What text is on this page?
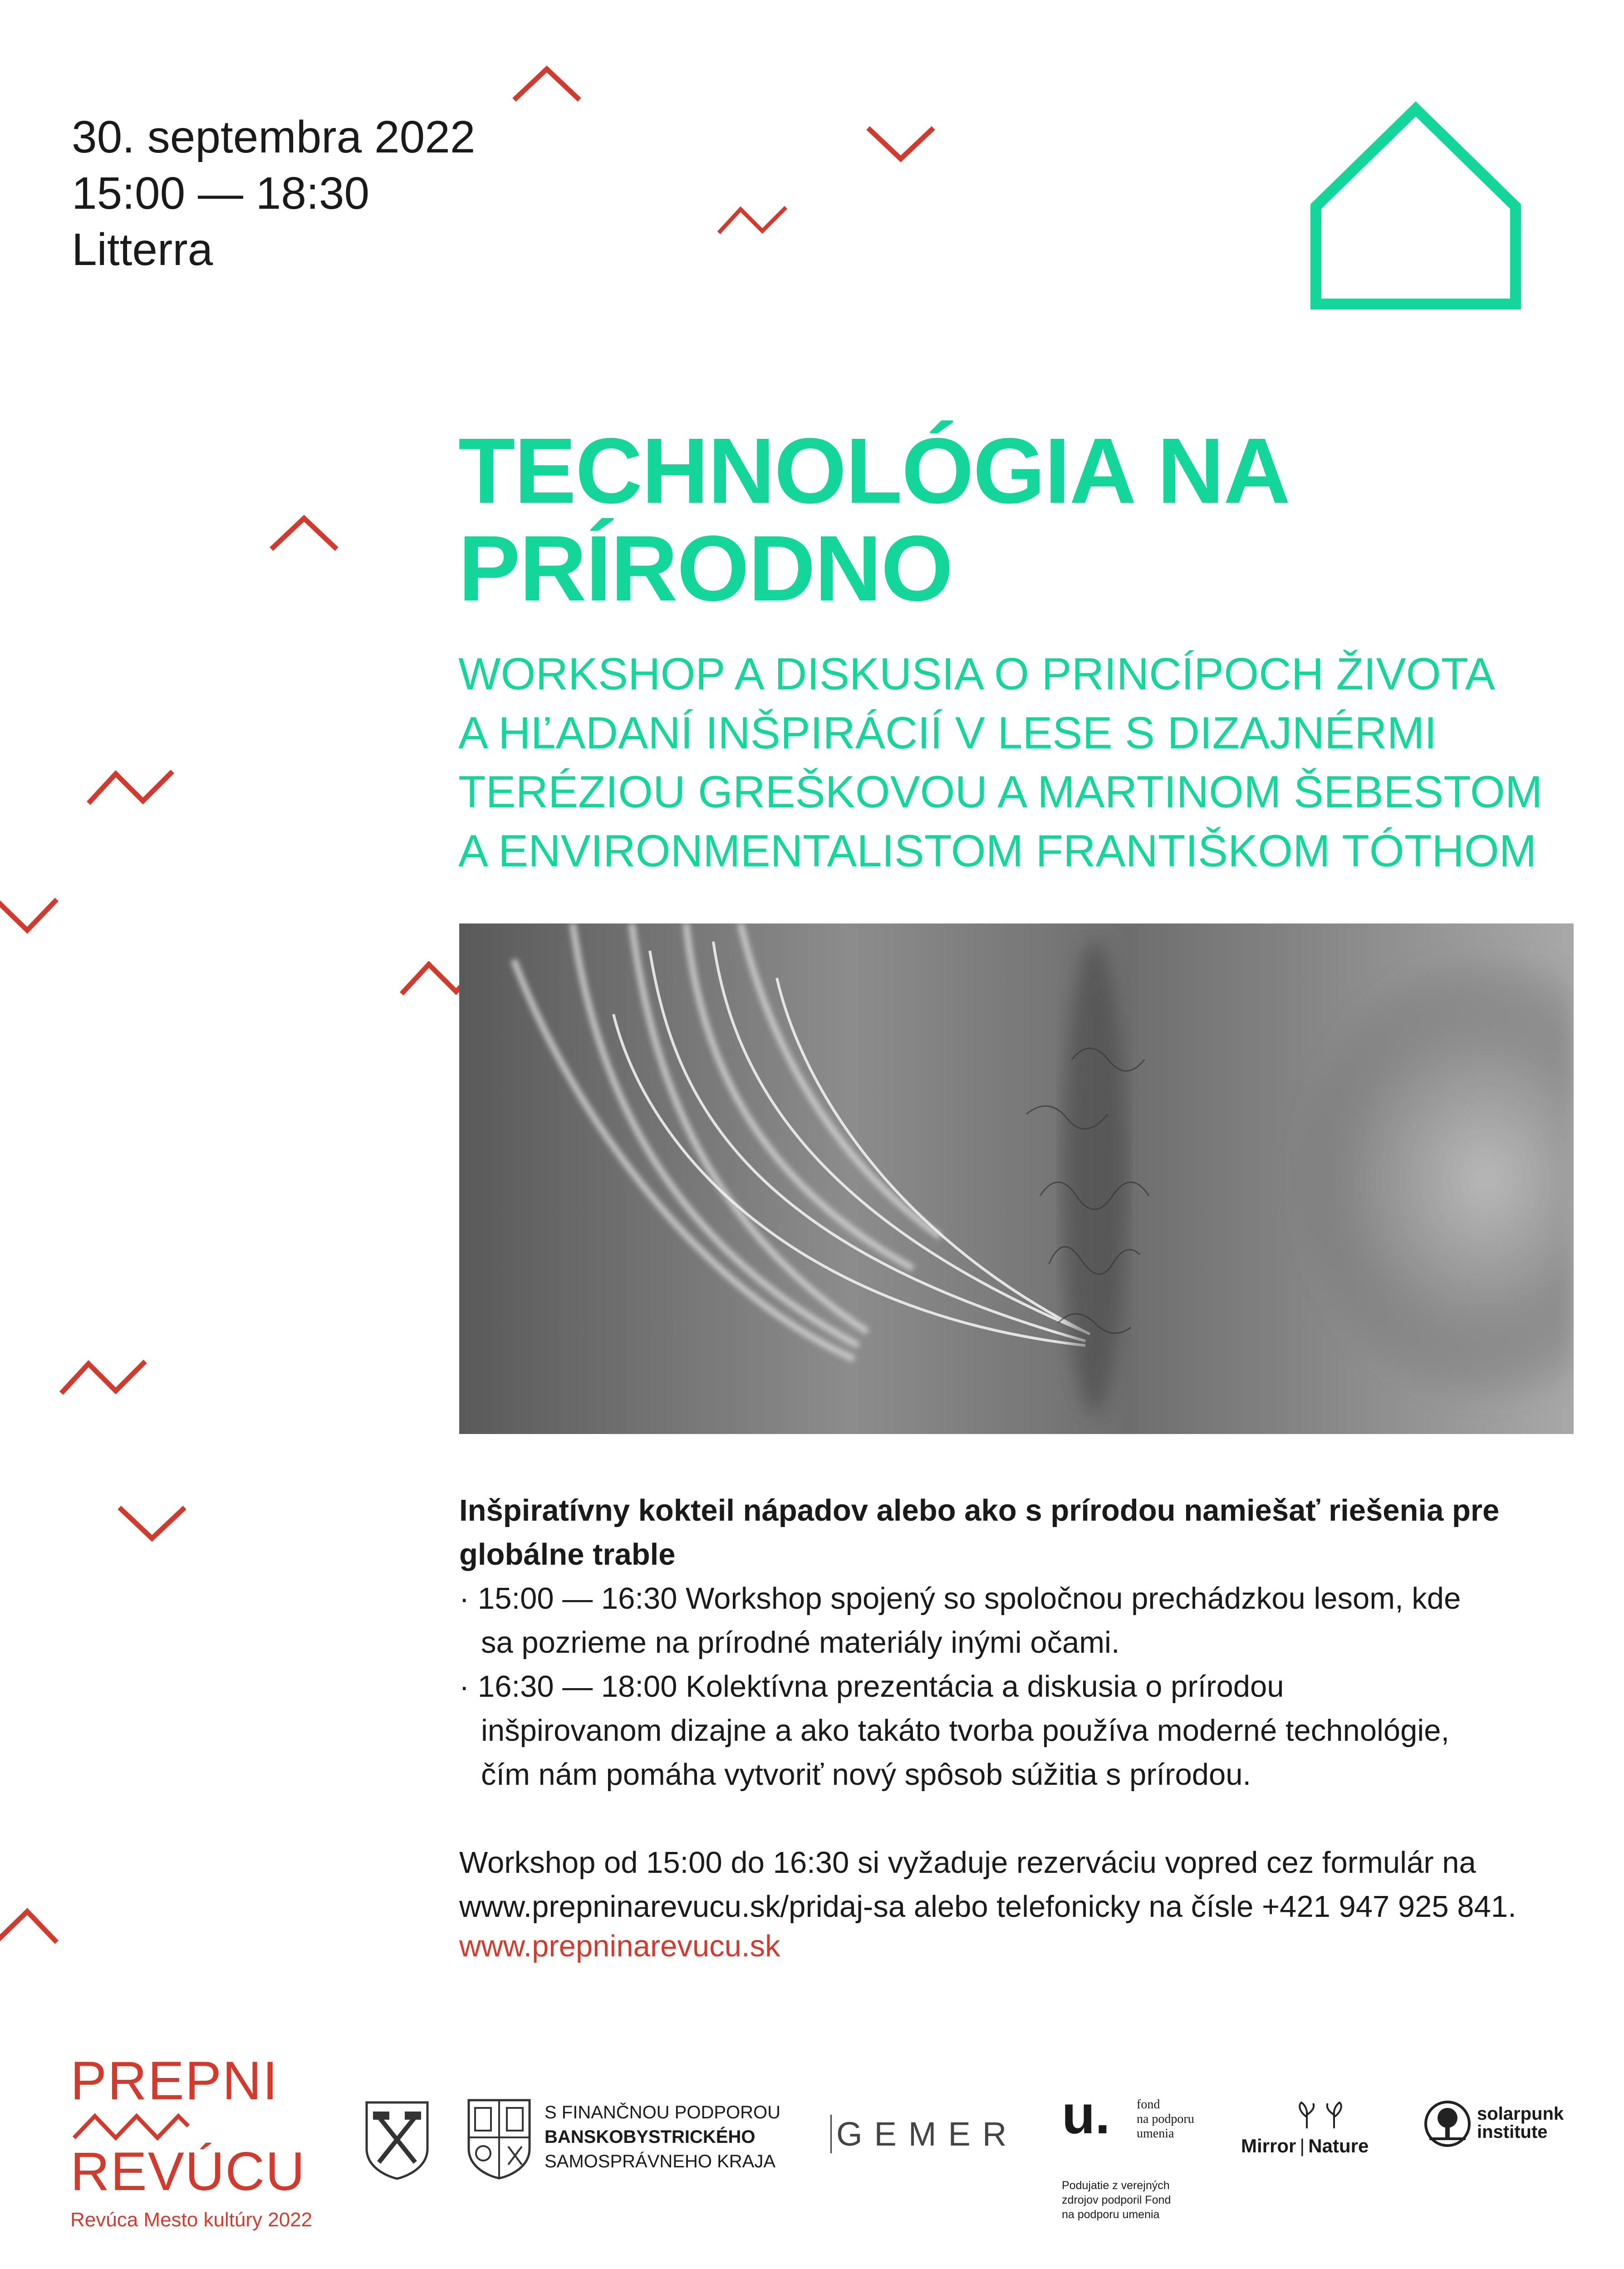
30. septembra 2022
15:00 — 18:30
Litterra
TECHNOLÓGIA NA
PRÍRODNO
WORKSHOP A DISKUSIA O PRINCÍPOCH ŽIVOTA
A HĽADANÍ INŠPIRÁCIÍ V LESE S DIZAJNÉRMI
TERÉZIOU GREŠKOVOU A MARTINOM ŠEBESTOM
A ENVIRONMENTALISTOM FRANTIŠKOM TÓTHOM
Inšpiratívny kokteil nápadov alebo ako s prírodou namiešať riešenia pre
globálne trable
· 15:00 — 16:30 Workshop spojený so spoločnou prechádzkou lesom, kde
sa pozrieme na prírodné materiály inými očami.
· 16:30 — 18:00 Kolektívna prezentácia a diskusia o prírodou
inšpirovanom dizajne a ako takáto tvorba používa moderné technológie,
čím nám pomáha vytvoriť nový spôsob súžitia s prírodou.
Workshop od 15:00 do 16:30 si vyžaduje rezerváciu vopred cez formulár na
www.prepninarevucu.sk/pridaj-sa alebo telefonicky na čísle +421 947 925 841.
www.prepninarevucu.sk
PREPNI
REVÚCU
Revúca Mesto kultúry 2022
S FINANČNOU PODPOROU
BANSKOBYSTRICKÉHO
SAMOSPRÁVNEHO KRAJA
GEMER u. fond
na podporu
umenia
Podujatie z verejných
zdrojov podporil Fond
na podporu umenia
Mirror | Nature
solarpunk
institute
